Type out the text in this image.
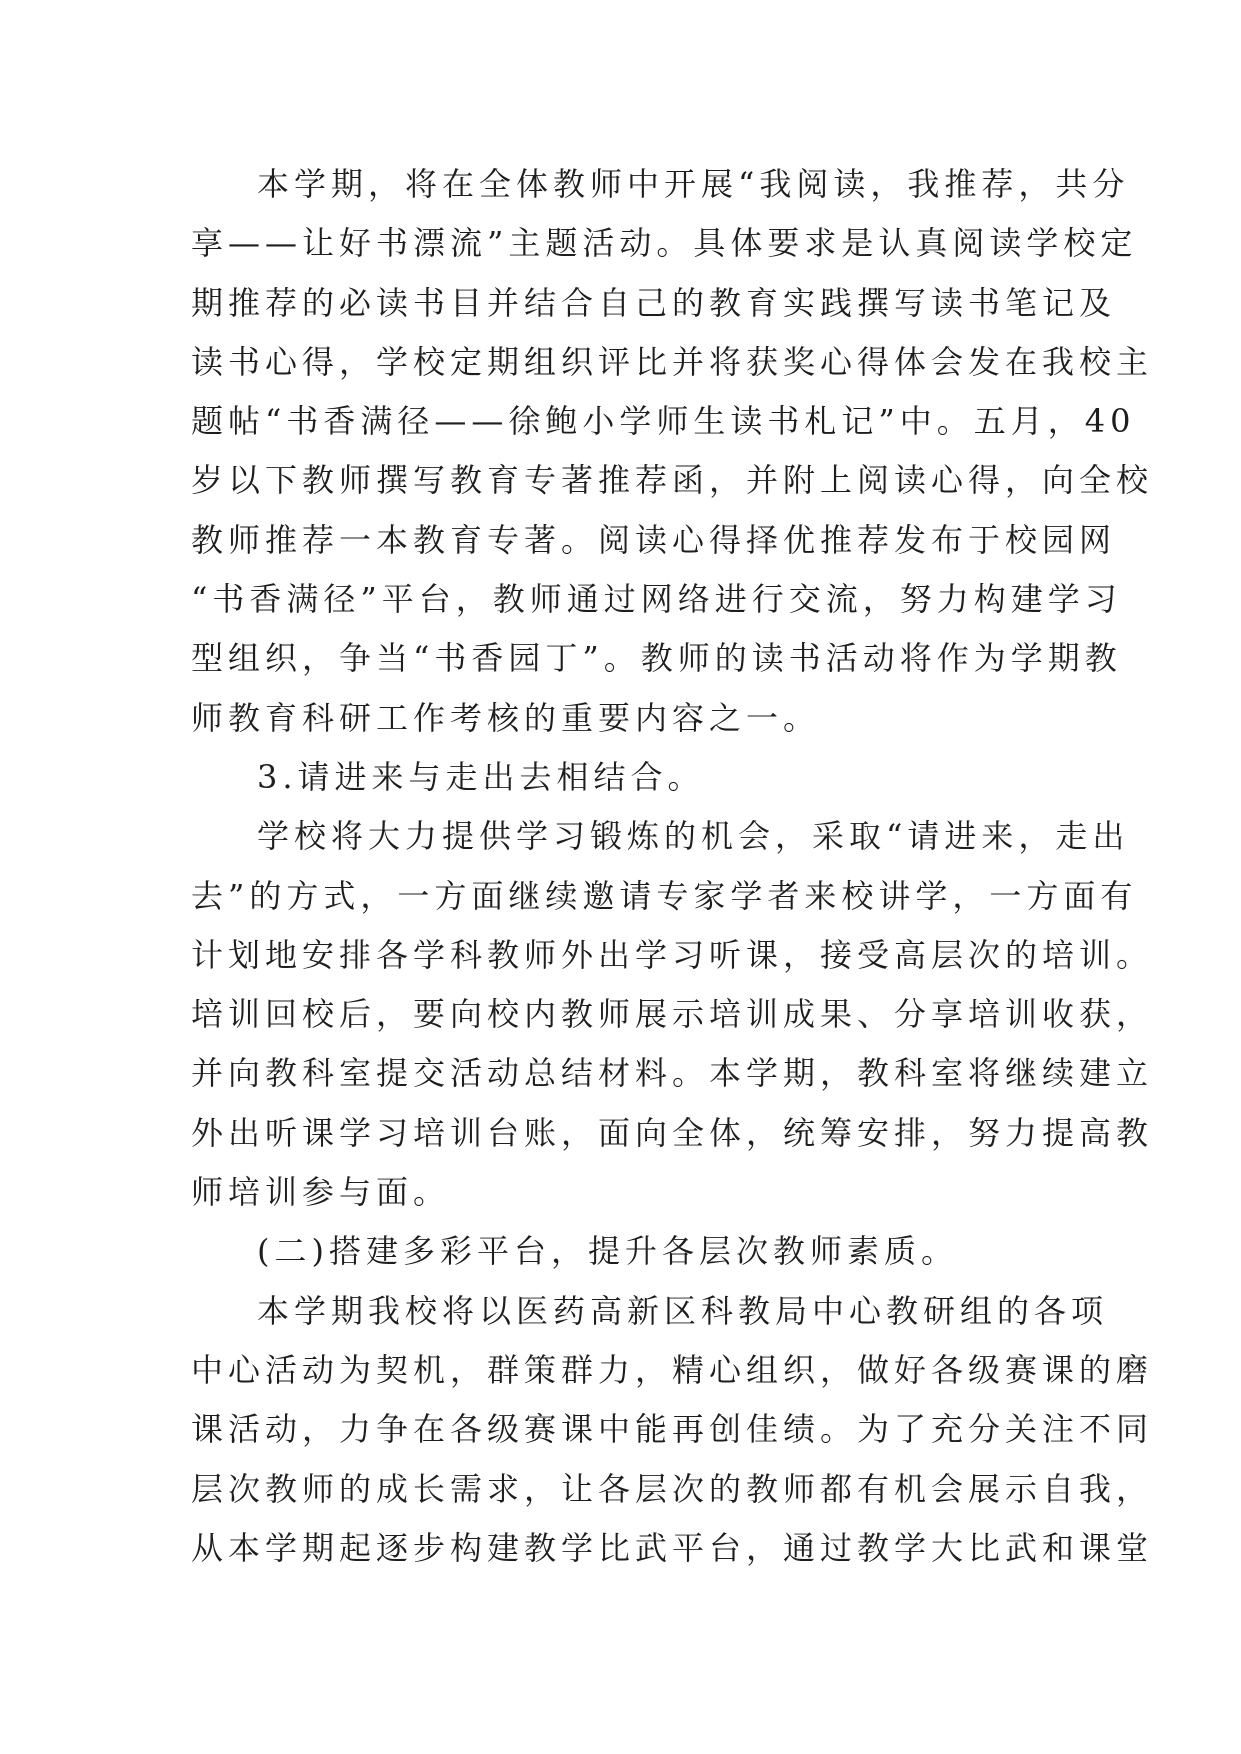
本学期，将在全体教师中开展“我阅读，我推荐，共分
享——让好书漂流”主题活动。具体要求是认真阅读学校定
期推荐的必读书目并结合自己的教育实践撰写读书笔记及
读书心得，学校定期组织评比并将获奖心得体会发在我校主
题帖“书香满径——徐鲍小学师生读书札记”中。五月，40
岁以下教师撰写教育专著推荐函，并附上阅读心得，向全校
教师推荐一本教育专著。阅读心得择优推荐发布于校园网
“书香满径”平台，教师通过网络进行交流，努力构建学习
型组织，争当“书香园丁”。教师的读书活动将作为学期教
师教育科研工作考核的重要内容之一。
3.请进来与走出去相结合。
学校将大力提供学习锻炼的机会，采取“请进来，走出
去”的方式，一方面继续邀请专家学者来校讲学，一方面有
计划地安排各学科教师外出学习听课，接受高层次的培训。
培训回校后，要向校内教师展示培训成果、分享培训收获，
并向教科室提交活动总结材料。本学期，教科室将继续建立
外出听课学习培训台账，面向全体，统筹安排，努力提高教
师培训参与面。
(二)搭建多彩平台，提升各层次教师素质。
本学期我校将以医药高新区科教局中心教研组的各项
中心活动为契机，群策群力，精心组织，做好各级赛课的磨
课活动，力争在各级赛课中能再创佳绩。为了充分关注不同
层次教师的成长需求，让各层次的教师都有机会展示自我，
从本学期起逐步构建教学比武平台，通过教学大比武和课堂
